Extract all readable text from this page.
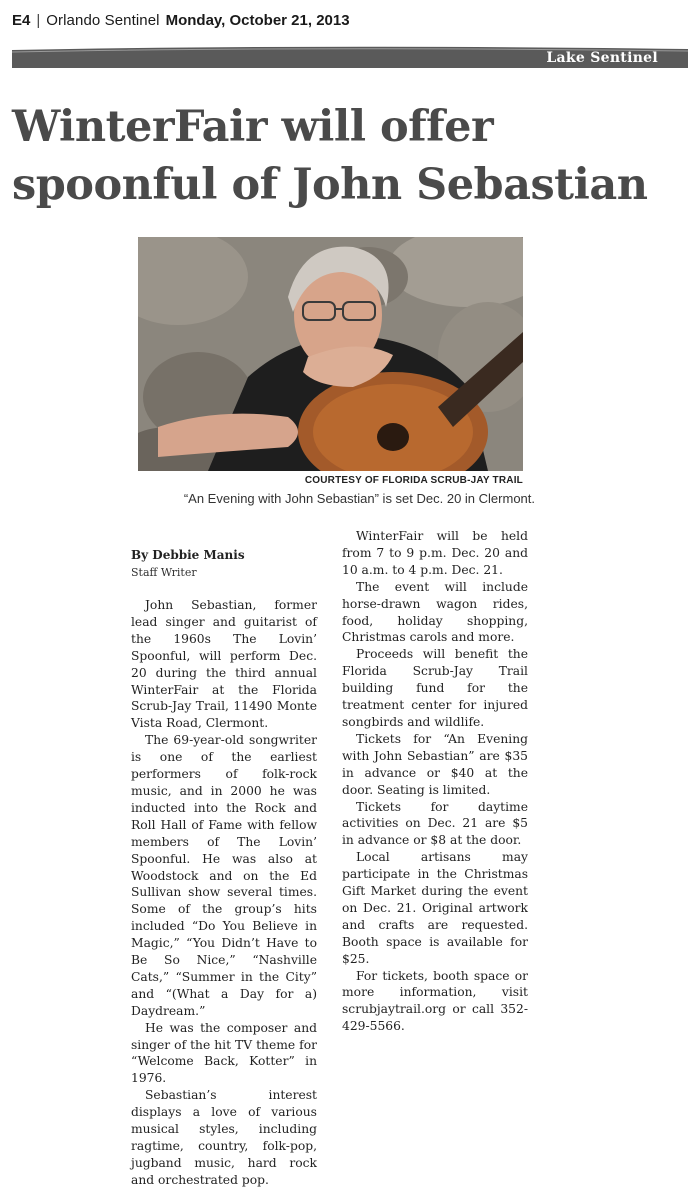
E4 | Orlando Sentinel Monday, October 21, 2013
Lake Sentinel
WinterFair will offer spoonful of John Sebastian
COURTESY OF FLORIDA SCRUB-JAY TRAIL
“An Evening with John Sebastian” is set Dec. 20 in Clermont.
By Debbie Manis
Staff Writer

John Sebastian, former lead singer and guitarist of the 1960s The Lovin’ Spoonful, will perform Dec. 20 during the third annual WinterFair at the Florida Scrub-Jay Trail, 11490 Monte Vista Road, Clermont.

The 69-year-old songwriter is one of the earliest performers of folk-rock music, and in 2000 he was inducted into the Rock and Roll Hall of Fame with fellow members of The Lovin’ Spoonful. He was also at Woodstock and on the Ed Sullivan show several times. Some of the group’s hits included “Do You Believe in Magic,” “You Didn’t Have to Be So Nice,” “Nashville Cats,” “Summer in the City” and “(What a Day for a) Daydream.”

He was the composer and singer of the hit TV theme for “Welcome Back, Kotter” in 1976.

Sebastian’s interest displays a love of various musical styles, including ragtime, country, folk-pop, jugband music, hard rock and orchestrated pop.

WinterFair will be held from 7 to 9 p.m. Dec. 20 and 10 a.m. to 4 p.m. Dec. 21.

The event will include horse-drawn wagon rides, food, holiday shopping, Christmas carols and more.

Proceeds will benefit the Florida Scrub-Jay Trail building fund for the treatment center for injured songbirds and wildlife.

Tickets for “An Evening with John Sebastian” are $35 in advance or $40 at the door. Seating is limited.

Tickets for daytime activities on Dec. 21 are $5 in advance or $8 at the door.

Local artisans may participate in the Christmas Gift Market during the event on Dec. 21. Original artwork and crafts are requested. Booth space is available for $25.

For tickets, booth space or more information, visit scrubjaytrail.org or call 352-429-5566.
